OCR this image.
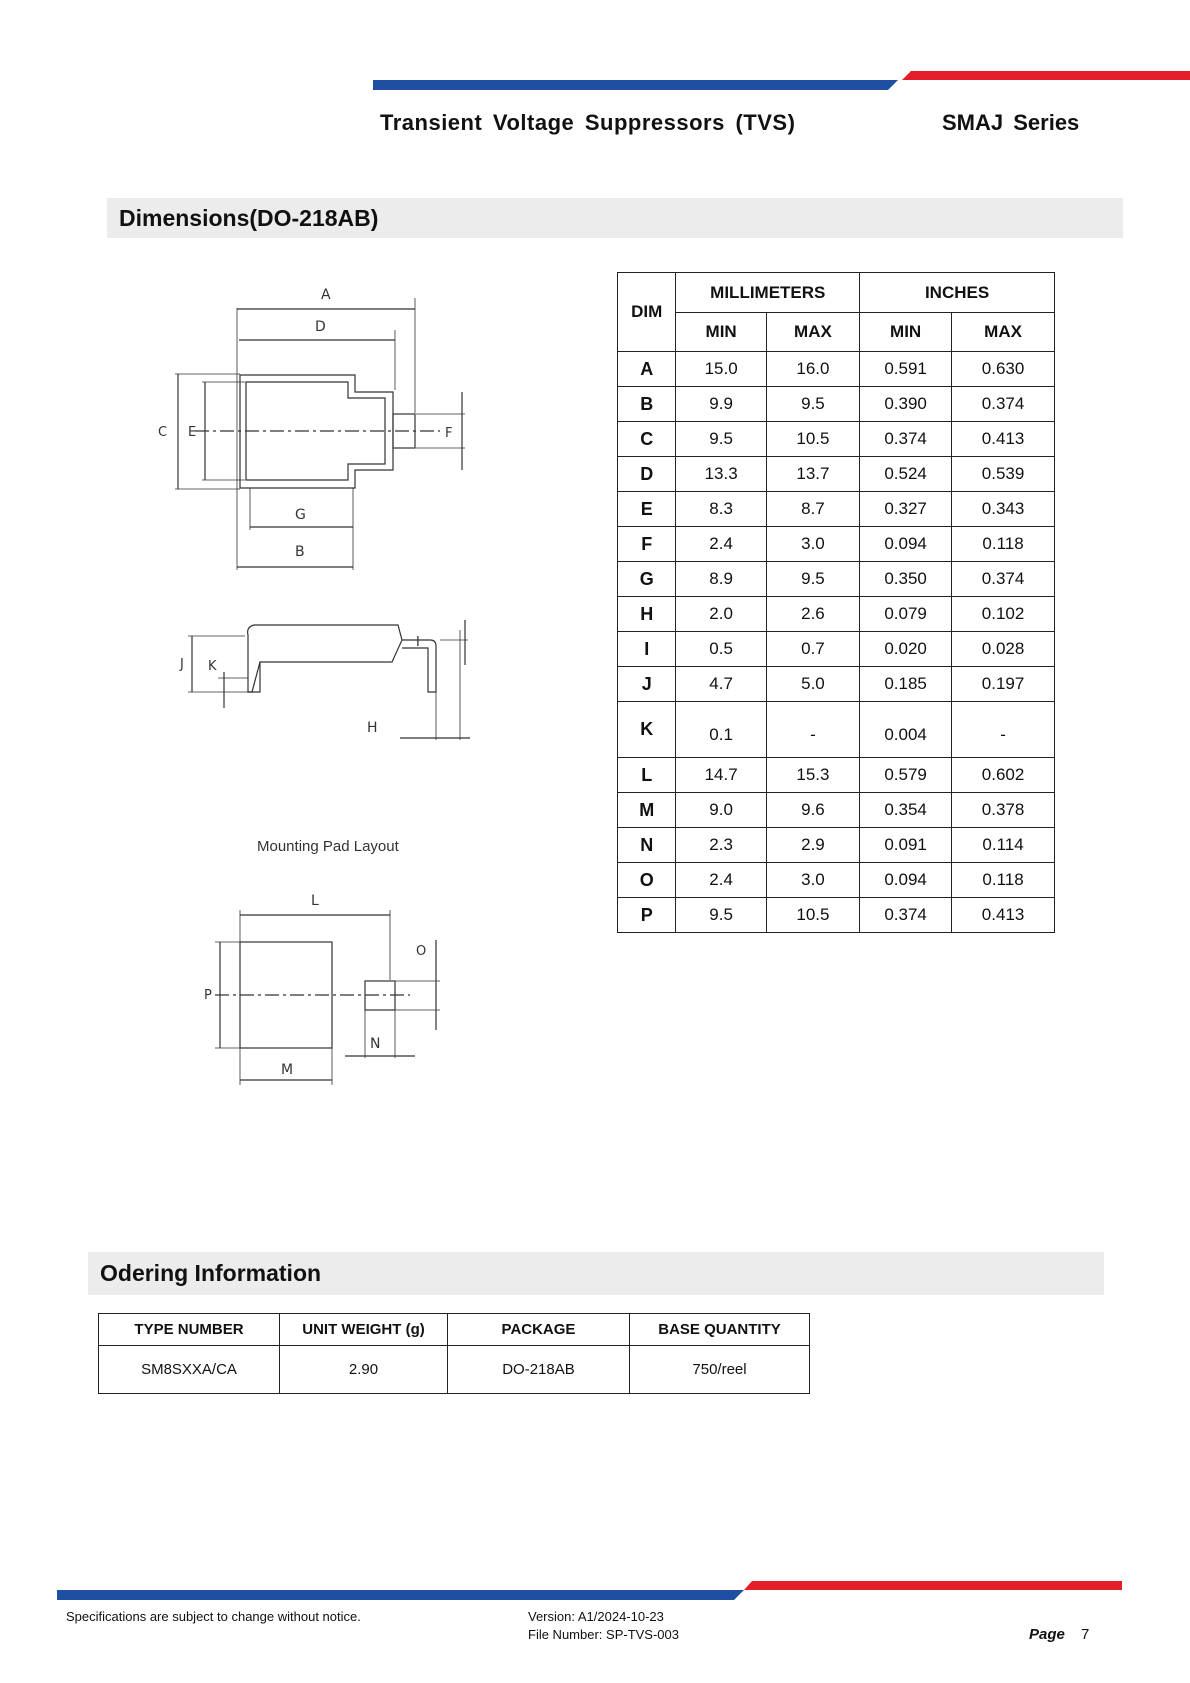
Transient Voltage Suppressors (TVS)	SMAJ Series
Dimensions(DO-218AB)
A
D
C E	F
G
B
J K
H
I
Mounting Pad Layout
L
P
M
N
O
DIM	MILLIMETERS		INCHES	
	MIN	MAX	MIN	MAX
A	15.0	16.0	0.591	0.630
B	9.9	9.5	0.390	0.374
C	9.5	10.5	0.374	0.413
D	13.3	13.7	0.524	0.539
E	8.3	8.7	0.327	0.343
F	2.4	3.0	0.094	0.118
G	8.9	9.5	0.350	0.374
H	2.0	2.6	0.079	0.102
I	0.5	0.7	0.020	0.028
J	4.7	5.0	0.185	0.197
K	0.1	-	0.004	-
L	14.7	15.3	0.579	0.602
M	9.0	9.6	0.354	0.378
N	2.3	2.9	0.091	0.114
O	2.4	3.0	0.094	0.118
P	9.5	10.5	0.374	0.413
Odering Information
TYPE NUMBER	UNIT WEIGHT (g)	PACKAGE	BASE QUANTITY
SM8SXXA/CA	2.90	DO-218AB	750/reel
Specifications are subject to change without notice.	Version: A1/2024-10-23
File Number: SP-TVS-003	Page 7
